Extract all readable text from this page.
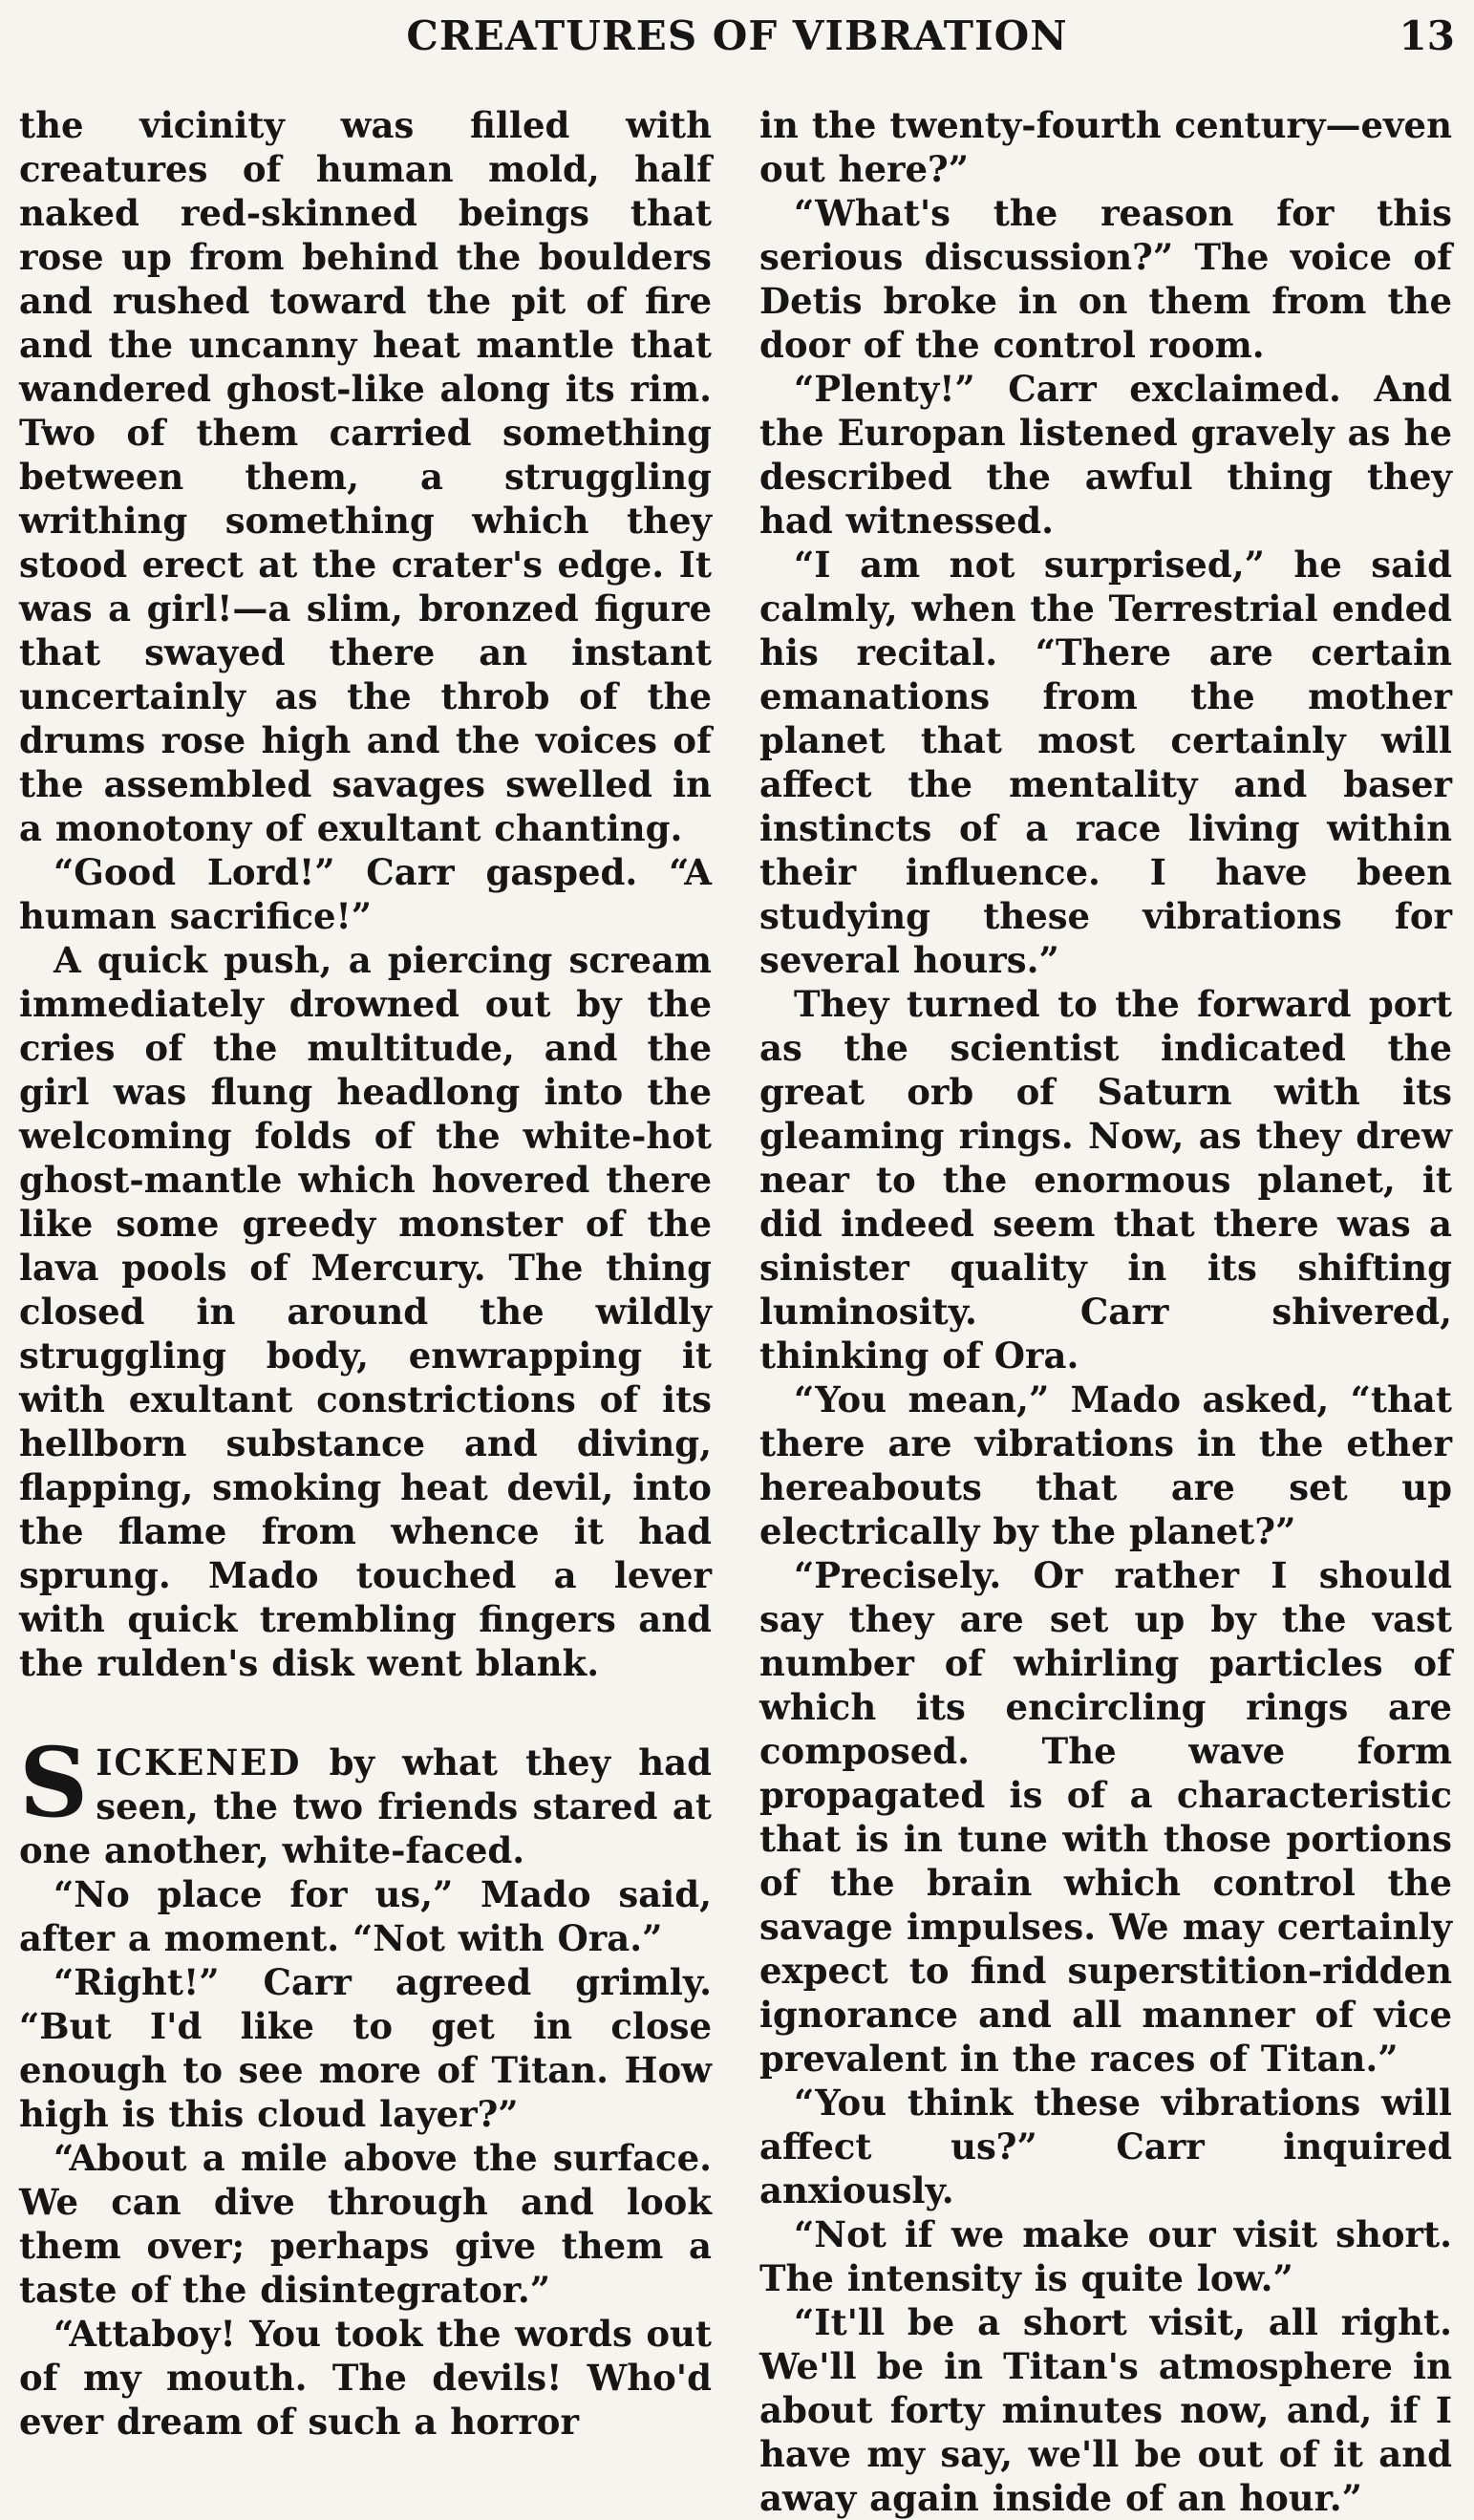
CREATURES OF VIBRATION	13

the vicinity was filled with creatures of human mold, half naked red-skinned beings that rose up from behind the boulders and rushed toward the pit of fire and the uncanny heat mantle that wandered ghost-like along its rim. Two of them carried something between them, a struggling writhing something which they stood erect at the crater's edge. It was a girl!—a slim, bronzed figure that swayed there an instant uncertainly as the throb of the drums rose high and the voices of the assembled savages swelled in a monotony of exultant chanting.

“Good Lord!” Carr gasped. “A human sacrifice!”

A quick push, a piercing scream immediately drowned out by the cries of the multitude, and the girl was flung headlong into the welcoming folds of the white-hot ghost-mantle which hovered there like some greedy monster of the lava pools of Mercury. The thing closed in around the wildly struggling body, enwrapping it with exultant constrictions of its hellborn substance and diving, flapping, smoking heat devil, into the flame from whence it had sprung. Mado touched a lever with quick trembling fingers and the rulden's disk went blank.

SICKENED by what they had seen, the two friends stared at one another, white-faced.

“No place for us,” Mado said, after a moment. “Not with Ora.”

“Right!” Carr agreed grimly. “But I'd like to get in close enough to see more of Titan. How high is this cloud layer?”

“About a mile above the surface. We can dive through and look them over; perhaps give them a taste of the disintegrator.”

“Attaboy! You took the words out of my mouth. The devils! Who'd ever dream of such a horror

in the twenty-fourth century—even out here?”

“What's the reason for this serious discussion?” The voice of Detis broke in on them from the door of the control room.

“Plenty!” Carr exclaimed. And the Europan listened gravely as he described the awful thing they had witnessed.

“I am not surprised,” he said calmly, when the Terrestrial ended his recital. “There are certain emanations from the mother planet that most certainly will affect the mentality and baser instincts of a race living within their influence. I have been studying these vibrations for several hours.”

They turned to the forward port as the scientist indicated the great orb of Saturn with its gleaming rings. Now, as they drew near to the enormous planet, it did indeed seem that there was a sinister quality in its shifting luminosity. Carr shivered, thinking of Ora.

“You mean,” Mado asked, “that there are vibrations in the ether hereabouts that are set up electrically by the planet?”

“Precisely. Or rather I should say they are set up by the vast number of whirling particles of which its encircling rings are composed. The wave form propagated is of a characteristic that is in tune with those portions of the brain which control the savage impulses. We may certainly expect to find superstition-ridden ignorance and all manner of vice prevalent in the races of Titan.”

“You think these vibrations will affect us?” Carr inquired anxiously.

“Not if we make our visit short. The intensity is quite low.”

“It'll be a short visit, all right. We'll be in Titan's atmosphere in about forty minutes now, and, if I have my say, we'll be out of it and away again inside of an hour.”
